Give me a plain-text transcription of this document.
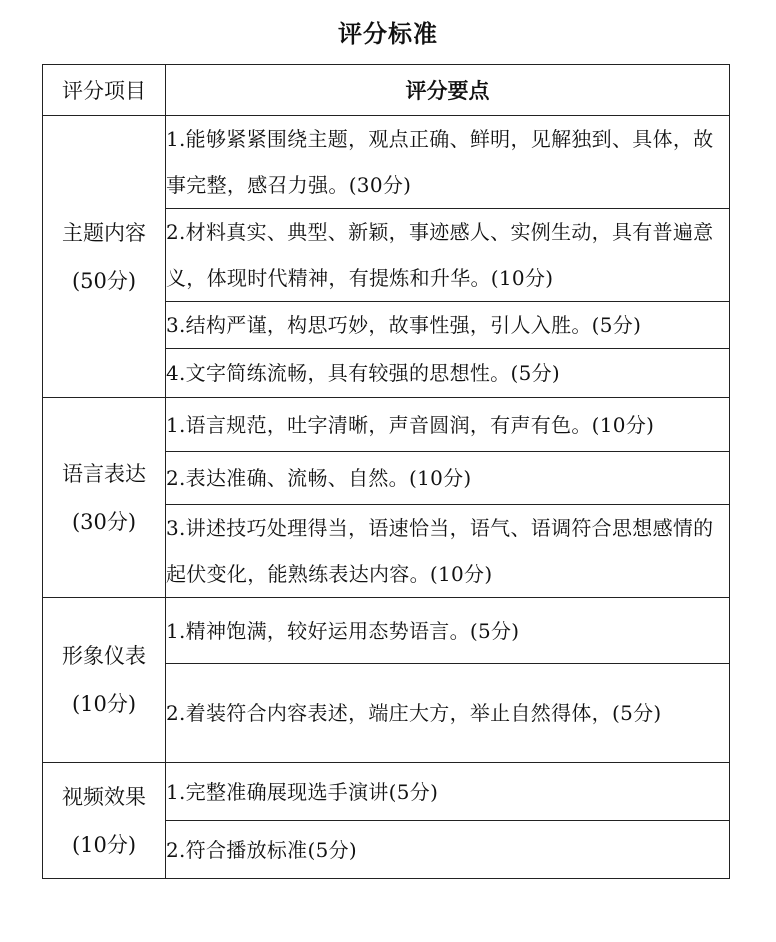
评分标准
评分项目	评分要点

主题内容
(50分)	1.能够紧紧围绕主题，观点正确、鲜明，见解独到、具体，故事完整，感召力强。(30分)
	2.材料真实、典型、新颖，事迹感人、实例生动，具有普遍意义，体现时代精神，有提炼和升华。(10分)
	3.结构严谨，构思巧妙，故事性强，引人入胜。(5分)
	4.文字简练流畅，具有较强的思想性。(5分)

语言表达
(30分)	1.语言规范，吐字清晰，声音圆润，有声有色。(10分)
	2.表达准确、流畅、自然。(10分)
	3.讲述技巧处理得当，语速恰当，语气、语调符合思想感情的起伏变化，能熟练表达内容。(10分)

形象仪表
(10分)	1.精神饱满，较好运用态势语言。(5分)
	2.着装符合内容表述，端庄大方，举止自然得体，(5分)

视频效果
(10分)	1.完整准确展现选手演讲(5分)
	2.符合播放标准(5分)
